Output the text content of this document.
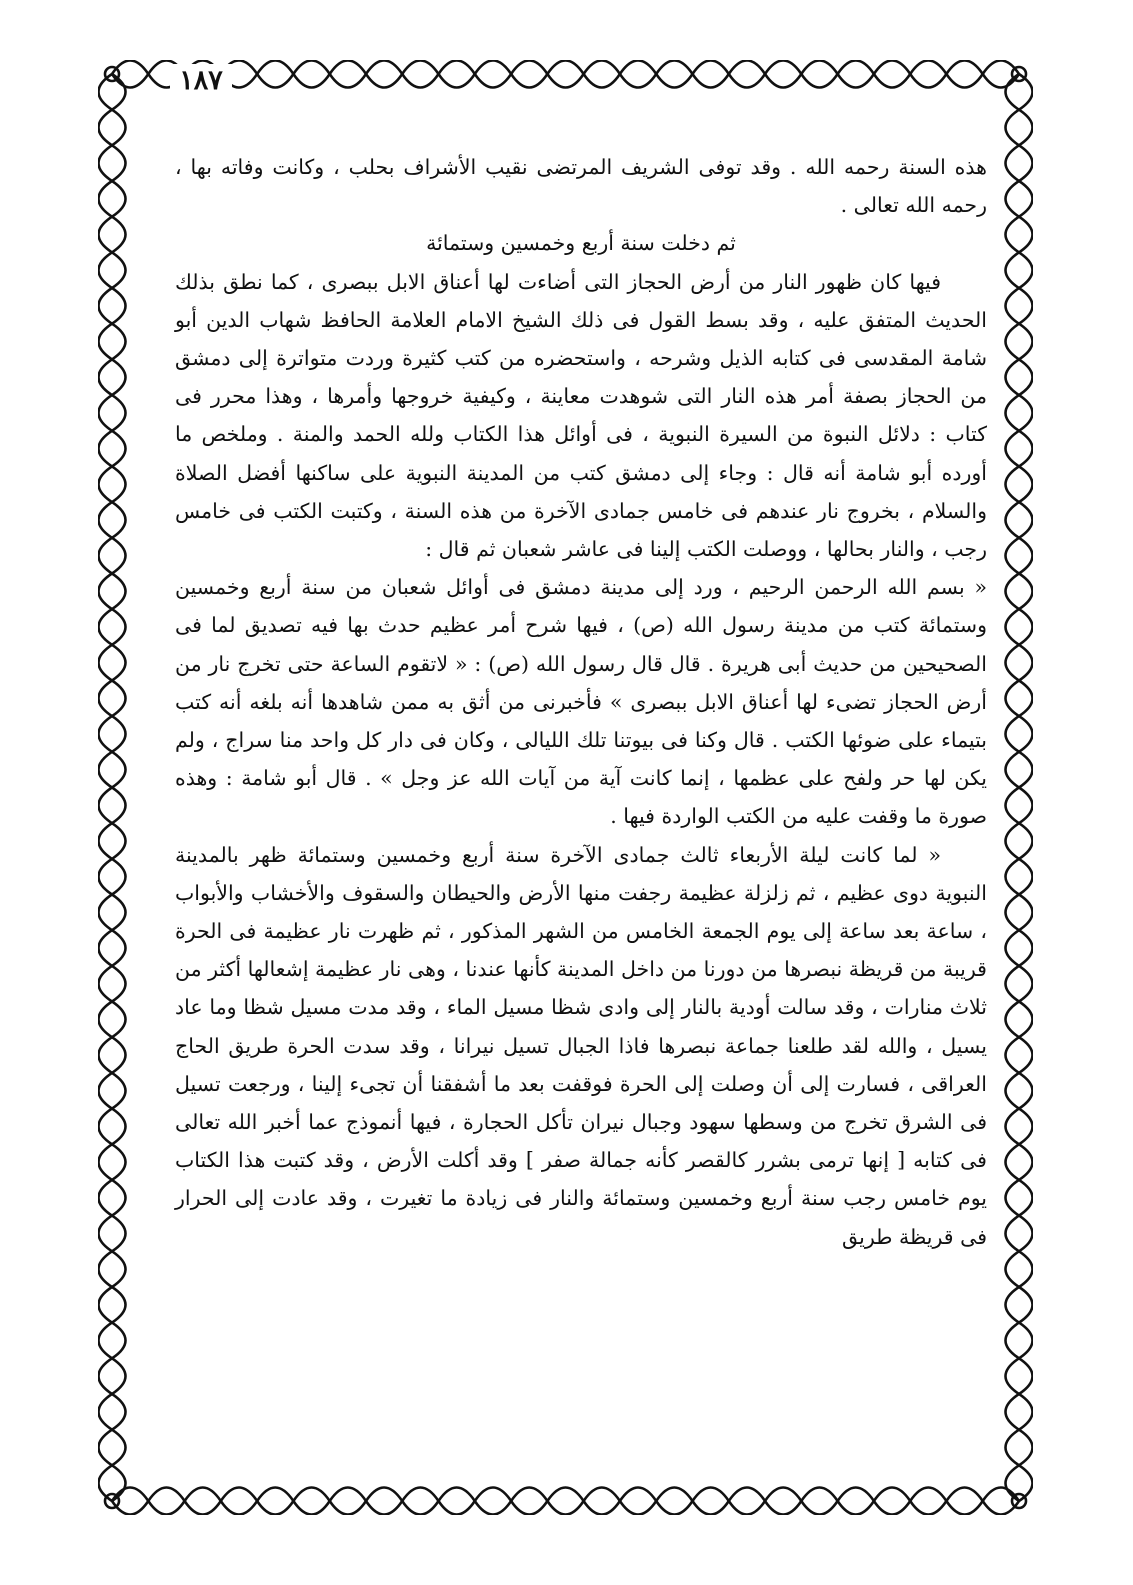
١٨٧

هذه السنة رحمه الله . وقد توفى الشريف المرتضى نقيب الأشراف بحلب ، وكانت وفاته بها ، رحمه الله تعالى .

ثم دخلت سنة أربع وخمسين وستمائة

فيها كان ظهور النار من أرض الحجاز التى أضاءت لها أعناق الابل ببصرى ، كما نطق بذلك الحديث المتفق عليه ، وقد بسط القول فى ذلك الشيخ الامام العلامة الحافظ شهاب الدين أبو شامة المقدسى فى كتابه الذيل وشرحه ، واستحضره من كتب كثيرة وردت متواترة إلى دمشق من الحجاز بصفة أمر هذه النار التى شوهدت معاينة ، وكيفية خروجها وأمرها ، وهذا محرر فى كتاب : دلائل النبوة من السيرة النبوية ، فى أوائل هذا الكتاب ولله الحمد والمنة . وملخص ما أورده أبو شامة أنه قال : وجاء إلى دمشق كتب من المدينة النبوية على ساكنها أفضل الصلاة والسلام ، بخروج نار عندهم فى خامس جمادى الآخرة من هذه السنة ، وكتبت الكتب فى خامس رجب ، والنار بحالها ، ووصلت الكتب إلينا فى عاشر شعبان ثم قال :

« بسم الله الرحمن الرحيم ، ورد إلى مدينة دمشق فى أوائل شعبان من سنة أربع وخمسين وستمائة كتب من مدينة رسول الله (ص) ، فيها شرح أمر عظيم حدث بها فيه تصديق لما فى الصحيحين من حديث أبى هريرة . قال قال رسول الله (ص) : « لاتقوم الساعة حتى تخرج نار من أرض الحجاز تضىء لها أعناق الابل ببصرى » فأخبرنى من أثق به ممن شاهدها أنه بلغه أنه كتب بتيماء على ضوئها الكتب . قال وكنا فى بيوتنا تلك الليالى ، وكان فى دار كل واحد منا سراج ، ولم يكن لها حر ولفح على عظمها ، إنما كانت آية من آيات الله عز وجل » . قال أبو شامة : وهذه صورة ما وقفت عليه من الكتب الواردة فيها .

« لما كانت ليلة الأربعاء ثالث جمادى الآخرة سنة أربع وخمسين وستمائة ظهر بالمدينة النبوية دوى عظيم ، ثم زلزلة عظيمة رجفت منها الأرض والحيطان والسقوف والأخشاب والأبواب ، ساعة بعد ساعة إلى يوم الجمعة الخامس من الشهر المذكور ، ثم ظهرت نار عظيمة فى الحرة قريبة من قريظة نبصرها من دورنا من داخل المدينة كأنها عندنا ، وهى نار عظيمة إشعالها أكثر من ثلاث منارات ، وقد سالت أودية بالنار إلى وادى شظا مسيل الماء ، وقد مدت مسيل شظا وما عاد يسيل ، والله لقد طلعنا جماعة نبصرها فاذا الجبال تسيل نيرانا ، وقد سدت الحرة طريق الحاج العراقى ، فسارت إلى أن وصلت إلى الحرة فوقفت بعد ما أشفقنا أن تجىء إلينا ، ورجعت تسيل فى الشرق تخرج من وسطها سهود وجبال نيران تأكل الحجارة ، فيها أنموذج عما أخبر الله تعالى فى كتابه [ إنها ترمى بشرر كالقصر كأنه جمالة صفر ] وقد أكلت الأرض ، وقد كتبت هذا الكتاب يوم خامس رجب سنة أربع وخمسين وستمائة والنار فى زيادة ما تغيرت ، وقد عادت إلى الحرار فى قريظة طريق
